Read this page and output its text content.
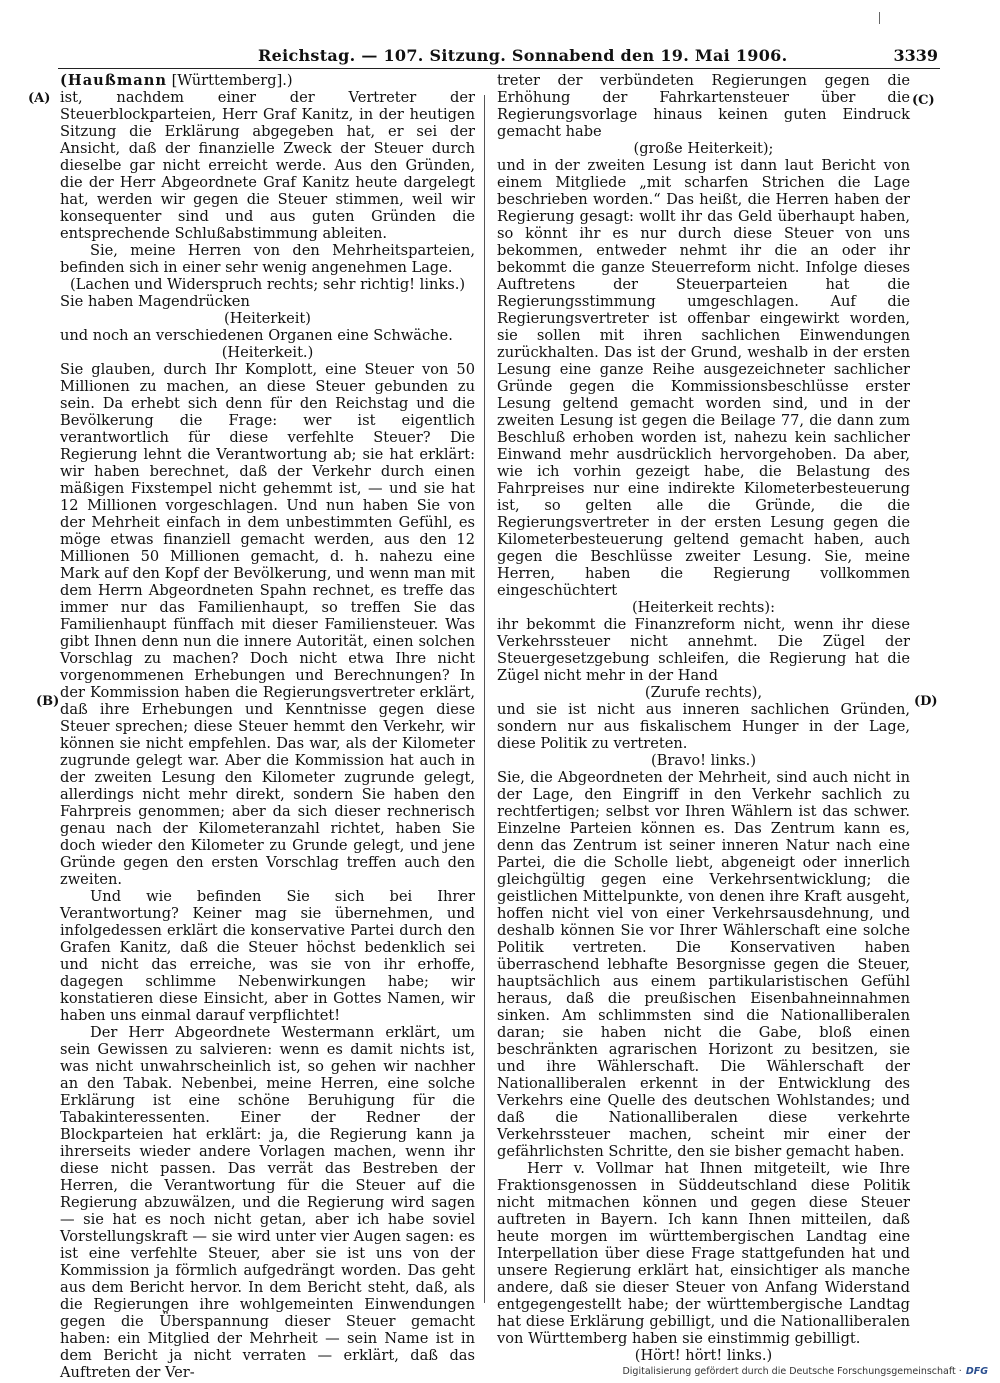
Reichstag. — 107. Sitzung. Sonnabend den 19. Mai 1906.	3339
(A)
(B)
(C)
(D)

(Haußmann [Württemberg].)

ist, nachdem einer der Vertreter der Steuerblockparteien, Herr Graf Kanitz, in der heutigen Sitzung die Erklärung abgegeben hat, er sei der Ansicht, daß der finanzielle Zweck der Steuer durch dieselbe gar nicht erreicht werde. Aus den Gründen, die der Herr Abgeordnete Graf Kanitz heute dargelegt hat, werden wir gegen die Steuer stimmen, weil wir konsequenter sind und aus guten Gründen die entsprechende Schlußabstimmung ableiten.

Sie, meine Herren von den Mehrheitsparteien, befinden sich in einer sehr wenig angenehmen Lage.

(Lachen und Widerspruch rechts; sehr richtig! links.)

Sie haben Magendrücken

(Heiterkeit)

und noch an verschiedenen Organen eine Schwäche.

(Heiterkeit.)

Sie glauben, durch Ihr Komplott, eine Steuer von 50 Millionen zu machen, an diese Steuer gebunden zu sein. Da erhebt sich denn für den Reichstag und die Bevölkerung die Frage: wer ist eigentlich verantwortlich für diese verfehlte Steuer? Die Regierung lehnt die Verantwortung ab; sie hat erklärt: wir haben berechnet, daß der Verkehr durch einen mäßigen Fixstempel nicht gehemmt ist, — und sie hat 12 Millionen vorgeschlagen. Und nun haben Sie von der Mehrheit einfach in dem unbestimmten Gefühl, es möge etwas finanziell gemacht werden, aus den 12 Millionen 50 Millionen gemacht, d. h. nahezu eine Mark auf den Kopf der Bevölkerung, und wenn man mit dem Herrn Abgeordneten Spahn rechnet, es treffe das immer nur das Familienhaupt, so treffen Sie das Familienhaupt fünffach mit dieser Familiensteuer. Was gibt Ihnen denn nun die innere Autorität, einen solchen Vorschlag zu machen? Doch nicht etwa Ihre nicht vorgenommenen Erhebungen und Berechnungen? In der Kommission haben die Regierungsvertreter erklärt, daß ihre Erhebungen und Kenntnisse gegen diese Steuer sprechen; diese Steuer hemmt den Verkehr, wir können sie nicht empfehlen. Das war, als der Kilometer zugrunde gelegt war. Aber die Kommission hat auch in der zweiten Lesung den Kilometer zugrunde gelegt, allerdings nicht mehr direkt, sondern Sie haben den Fahrpreis genommen; aber da sich dieser rechnerisch genau nach der Kilometeranzahl richtet, haben Sie doch wieder den Kilometer zu Grunde gelegt, und jene Gründe gegen den ersten Vorschlag treffen auch den zweiten.

Und wie befinden Sie sich bei Ihrer Verantwortung? Keiner mag sie übernehmen, und infolgedessen erklärt die konservative Partei durch den Grafen Kanitz, daß die Steuer höchst bedenklich sei und nicht das erreiche, was sie von ihr erhoffe, dagegen schlimme Nebenwirkungen habe; wir konstatieren diese Einsicht, aber in Gottes Namen, wir haben uns einmal darauf verpflichtet!

Der Herr Abgeordnete Westermann erklärt, um sein Gewissen zu salvieren: wenn es damit nichts ist, was nicht unwahrscheinlich ist, so gehen wir nachher an den Tabak. Nebenbei, meine Herren, eine solche Erklärung ist eine schöne Beruhigung für die Tabakinteressenten. Einer der Redner der Blockparteien hat erklärt: ja, die Regierung kann ja ihrerseits wieder andere Vorlagen machen, wenn ihr diese nicht passen. Das verrät das Bestreben der Herren, die Verantwortung für die Steuer auf die Regierung abzuwälzen, und die Regierung wird sagen — sie hat es noch nicht getan, aber ich habe soviel Vorstellungskraft — sie wird unter vier Augen sagen: es ist eine verfehlte Steuer, aber sie ist uns von der Kommission ja förmlich aufgedrängt worden. Das geht aus dem Bericht hervor. In dem Bericht steht, daß, als die Regierungen ihre wohlgemeinten Einwendungen gegen die Überspannung dieser Steuer gemacht haben: ein Mitglied der Mehrheit — sein Name ist in dem Bericht ja nicht verraten — erklärt, daß das Auftreten der Ver-

treter der verbündeten Regierungen gegen die Erhöhung der Fahrkartensteuer über die Regierungsvorlage hinaus keinen guten Eindruck gemacht habe

(große Heiterkeit);

und in der zweiten Lesung ist dann laut Bericht von einem Mitgliede „mit scharfen Strichen die Lage beschrieben worden.“ Das heißt, die Herren haben der Regierung gesagt: wollt ihr das Geld überhaupt haben, so könnt ihr es nur durch diese Steuer von uns bekommen, entweder nehmt ihr die an oder ihr bekommt die ganze Steuerreform nicht. Infolge dieses Auftretens der Steuerparteien hat die Regierungsstimmung umgeschlagen. Auf die Regierungsvertreter ist offenbar eingewirkt worden, sie sollen mit ihren sachlichen Einwendungen zurückhalten. Das ist der Grund, weshalb in der ersten Lesung eine ganze Reihe ausgezeichneter sachlicher Gründe gegen die Kommissionsbeschlüsse erster Lesung geltend gemacht worden sind, und in der zweiten Lesung ist gegen die Beilage 77, die dann zum Beschluß erhoben worden ist, nahezu kein sachlicher Einwand mehr ausdrücklich hervorgehoben. Da aber, wie ich vorhin gezeigt habe, die Belastung des Fahrpreises nur eine indirekte Kilometerbesteuerung ist, so gelten alle die Gründe, die die Regierungsvertreter in der ersten Lesung gegen die Kilometerbesteuerung geltend gemacht haben, auch gegen die Beschlüsse zweiter Lesung. Sie, meine Herren, haben die Regierung vollkommen eingeschüchtert

(Heiterkeit rechts):

ihr bekommt die Finanzreform nicht, wenn ihr diese Verkehrssteuer nicht annehmt. Die Zügel der Steuergesetzgebung schleifen, die Regierung hat die Zügel nicht mehr in der Hand

(Zurufe rechts),

und sie ist nicht aus inneren sachlichen Gründen, sondern nur aus fiskalischem Hunger in der Lage, diese Politik zu vertreten.

(Bravo! links.)

Sie, die Abgeordneten der Mehrheit, sind auch nicht in der Lage, den Eingriff in den Verkehr sachlich zu rechtfertigen; selbst vor Ihren Wählern ist das schwer. Einzelne Parteien können es. Das Zentrum kann es, denn das Zentrum ist seiner inneren Natur nach eine Partei, die die Scholle liebt, abgeneigt oder innerlich gleichgültig gegen eine Verkehrsentwicklung; die geistlichen Mittelpunkte, von denen ihre Kraft ausgeht, hoffen nicht viel von einer Verkehrsausdehnung, und deshalb können Sie vor Ihrer Wählerschaft eine solche Politik vertreten. Die Konservativen haben überraschend lebhafte Besorgnisse gegen die Steuer, hauptsächlich aus einem partikularistischen Gefühl heraus, daß die preußischen Eisenbahneinnahmen sinken. Am schlimmsten sind die Nationalliberalen daran; sie haben nicht die Gabe, bloß einen beschränkten agrarischen Horizont zu besitzen, sie und ihre Wählerschaft. Die Wählerschaft der Nationalliberalen erkennt in der Entwicklung des Verkehrs eine Quelle des deutschen Wohlstandes; und daß die Nationalliberalen diese verkehrte Verkehrssteuer machen, scheint mir einer der gefährlichsten Schritte, den sie bisher gemacht haben.

Herr v. Vollmar hat Ihnen mitgeteilt, wie Ihre Fraktionsgenossen in Süddeutschland diese Politik nicht mitmachen können und gegen diese Steuer auftreten in Bayern. Ich kann Ihnen mitteilen, daß heute morgen im württembergischen Landtag eine Interpellation über diese Frage stattgefunden hat und unsere Regierung erklärt hat, einsichtiger als manche andere, daß sie dieser Steuer von Anfang Widerstand entgegengestellt habe; der württembergische Landtag hat diese Erklärung gebilligt, und die Nationalliberalen von Württemberg haben sie einstimmig gebilligt.

(Hört! hört! links.)

Digitalisierung gefördert durch die Deutsche Forschungsgemeinschaft · DFG
